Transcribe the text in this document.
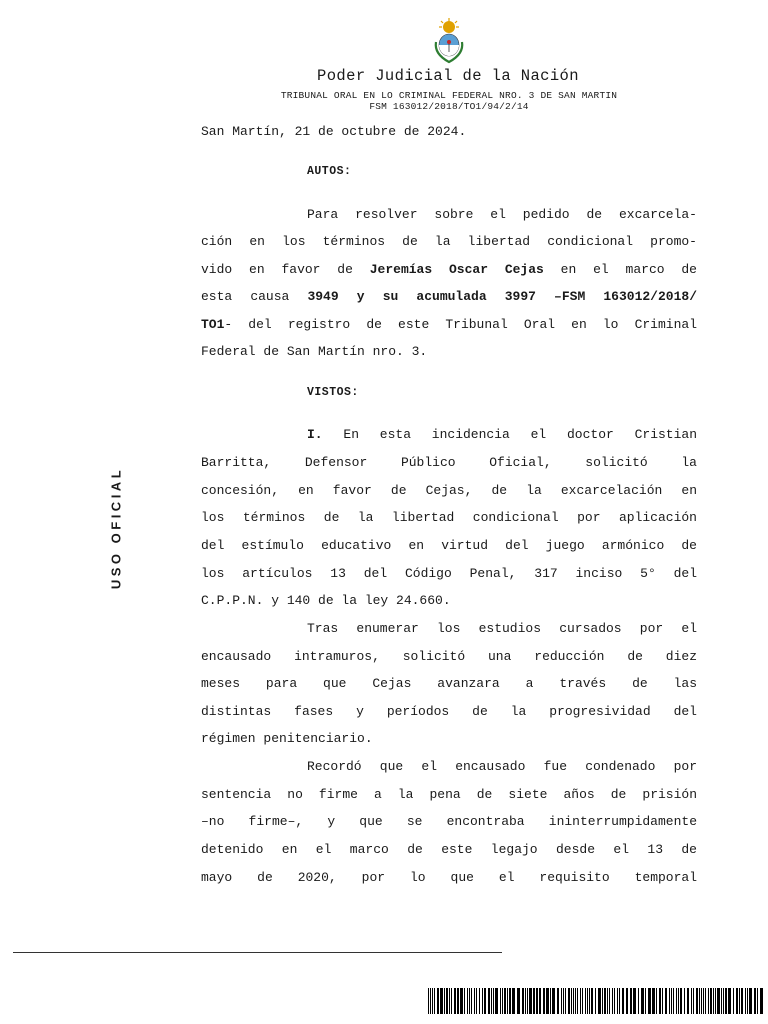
Poder Judicial de la Nación
TRIBUNAL ORAL EN LO CRIMINAL FEDERAL NRO. 3 DE SAN MARTIN
FSM 163012/2018/TO1/94/2/14
San Martín, 21 de octubre de 2024.
AUTOS:
Para resolver sobre el pedido de excarcela-
ción en los términos de la libertad condicional promo-
vido en favor de Jeremías Oscar Cejas en el marco de
esta causa 3949 y su acumulada 3997 –FSM 163012/2018/
TO1- del registro de este Tribunal Oral en lo Criminal
Federal de San Martín nro. 3.
VISTOS:
I. En esta incidencia el doctor Cristian
Barritta, Defensor Público Oficial, solicitó la
concesión, en favor de Cejas, de la excarcelación en
los términos de la libertad condicional por aplicación
del estímulo educativo en virtud del juego armónico de
los artículos 13 del Código Penal, 317 inciso 5° del
C.P.P.N. y 140 de la ley 24.660.
Tras enumerar los estudios cursados por el
encausado intramuros, solicitó una reducción de diez
meses para que Cejas avanzara a través de las
distintas fases y períodos de la progresividad del
régimen penitenciario.
Recordó que el encausado fue condenado por
sentencia no firme a la pena de siete años de prisión
–no firme–, y que se encontraba ininterrumpidamente
detenido en el marco de este legajo desde el 13 de
mayo de 2020, por lo que el requisito temporal
USO OFICIAL
